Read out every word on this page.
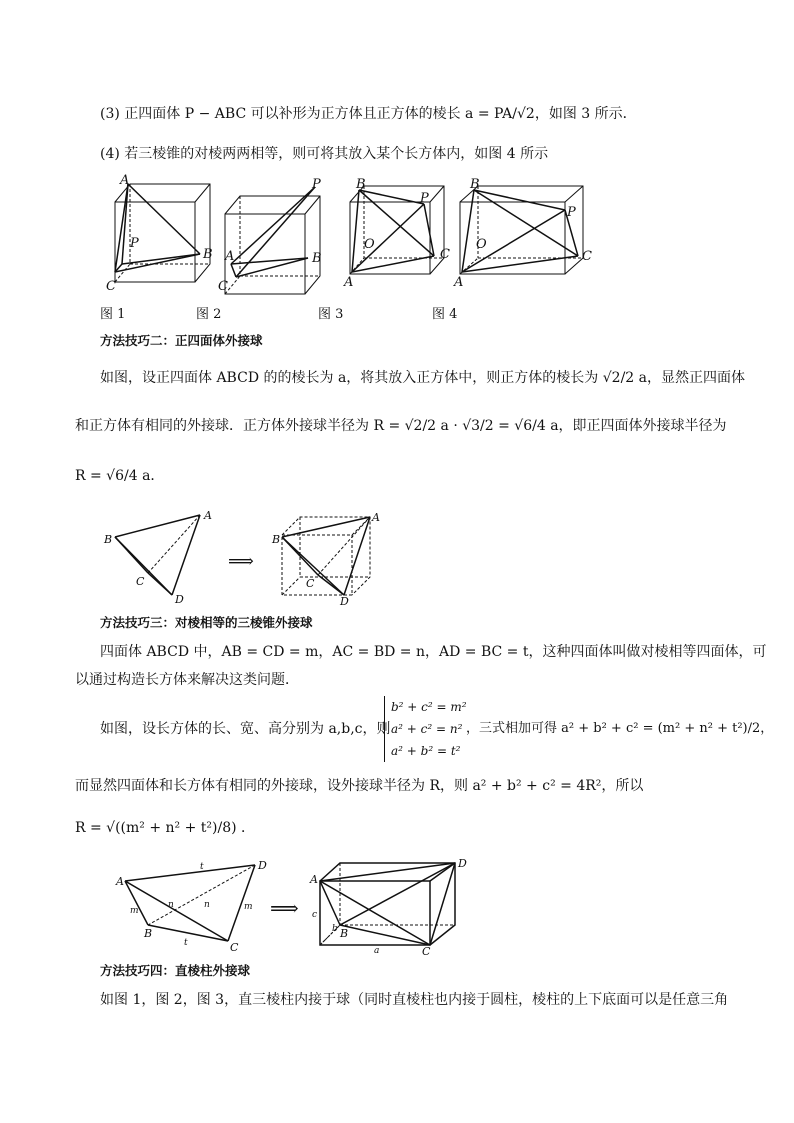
(3) 正四面体 P − ABC 可以补形为正方体且正方体的棱长 a = PA/√2，如图 3 所示．
(4) 若三棱锥的对棱两两相等，则可将其放入某个长方体内，如图 4 所示
A
P
B
C
P
A	B
C
B
P
O
C
A
B
P
O
C
A
图 1	图 2	图 3	图 4
方法技巧二：正四面体外接球
如图，设正四面体 ABCD 的的棱长为 a，将其放入正方体中，则正方体的棱长为 √2/2 a，显然正四面体
和正方体有相同的外接球．正方体外接球半径为 R = √2/2 a · √3/2 = √6/4 a，即正四面体外接球半径为
R = √6/4 a．
B
A
C
D
⟹
B
A
C
D
方法技巧三：对棱相等的三棱锥外接球
四面体 ABCD 中，AB = CD = m，AC = BD = n，AD = BC = t，这种四面体叫做对棱相等四面体，可
以通过构造长方体来解决这类问题．
如图，设长方体的长、宽、高分别为 a,b,c，则
b² + c² = m²
a² + c² = n²
a² + b² = t²
，三式相加可得 a² + b² + c² = (m² + n² + t²)/2，
而显然四面体和长方体有相同的外接球，设外接球半径为 R，则 a² + b² + c² = 4R²，所以
R = √((m² + n² + t²)/8) ．
A
D
B
C
t
n	n
m	m
t
⟹
A
D
B
C
c
b
a
方法技巧四：直棱柱外接球
如图 1，图 2，图 3，直三棱柱内接于球（同时直棱柱也内接于圆柱，棱柱的上下底面可以是任意三角
